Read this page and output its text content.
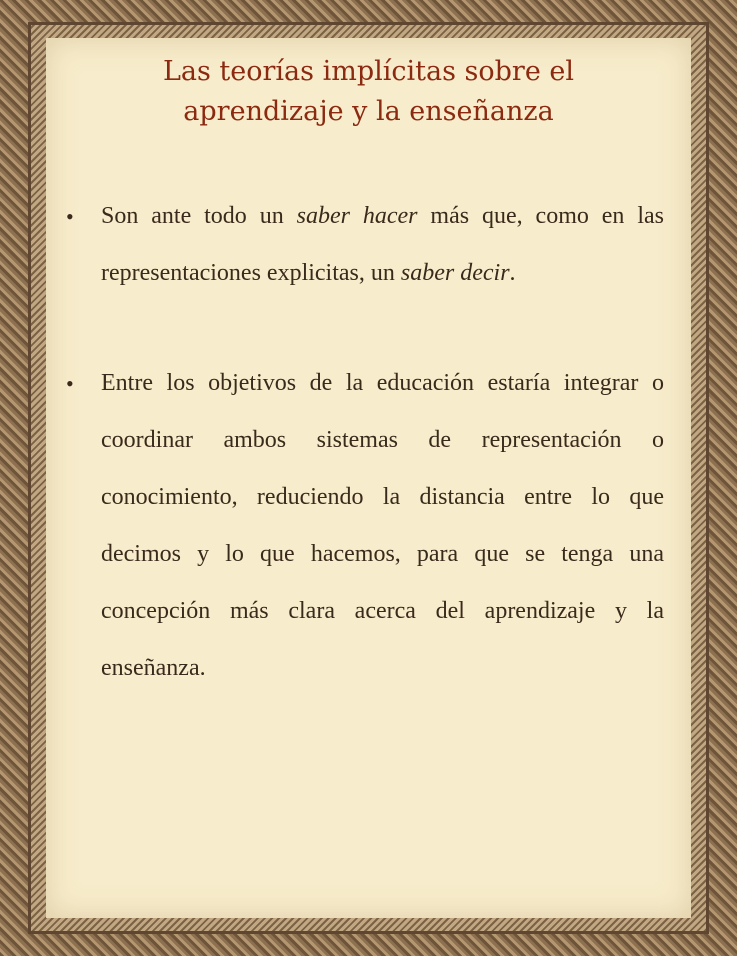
Las teorías implícitas sobre el
aprendizaje y la enseñanza
• Son ante todo un saber hacer más que, como en las representaciones explicitas, un saber decir.
• Entre los objetivos de la educación estaría integrar o coordinar ambos sistemas de representación o conocimiento, reduciendo la distancia entre lo que decimos y lo que hacemos, para que se tenga una concepción más clara acerca del aprendizaje y la enseñanza.
